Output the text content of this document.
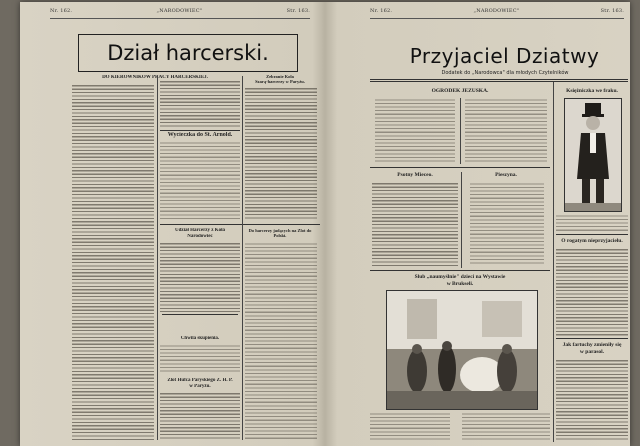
Nr. 162.	„NARODOWIEC"	Str. 163.
Dział harcerski.
DO KIEROWNIKÓW PRACY HARCERSKIEJ.
Wycieczka do St. Arnold.
Udział Harcerzy z Koła
Narodowiec
Chwila skupienia.
Zlot Hufca Paryskiego Z. H. P.
w Paryżu.
Zebranie Koła
Szarą-harcerzy w Paryżu.
Do harcerzy jadących na Zlot do Polski.
Nr. 162.	„NARODOWIEC"	Str. 163.
Przyjaciel Dziatwy
Dodatek do „Narodowca" dla młodych Czytelników
OGRÓDEK JEZUSKA.
Psotny Mieceo.	Pieszyna.
Ślub „naumyślnie" dzieci na Wystawie
w Brukseli.
Księżniczka we fraku.
O rogatym nieprzyjacielu.
Jak fartuchy zmieniły się
w parasol.
